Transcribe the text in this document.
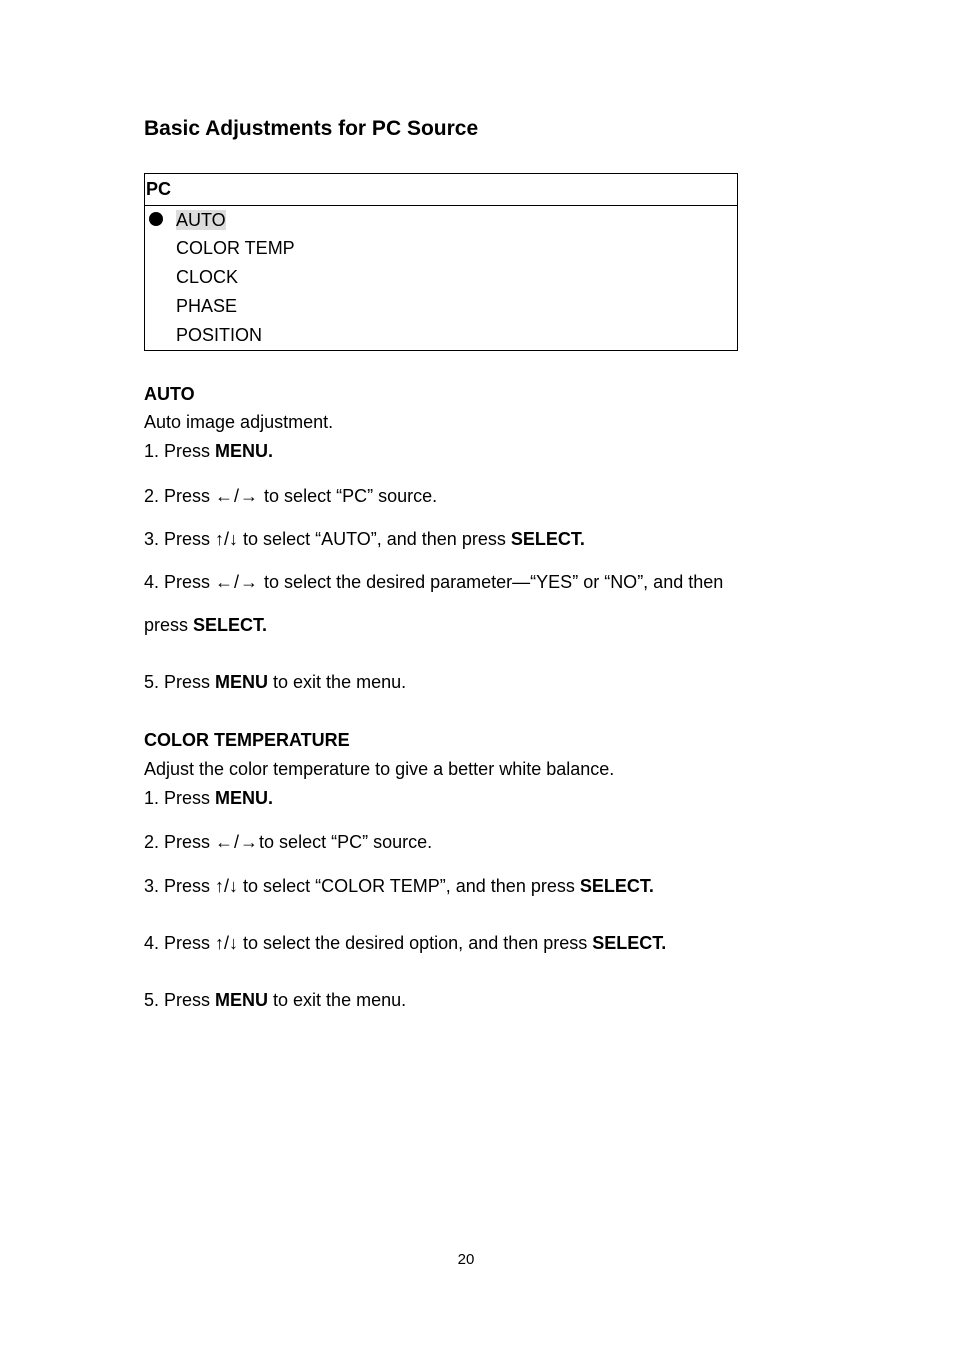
Basic Adjustments for PC Source
PC
AUTO
COLOR TEMP
CLOCK
PHASE
POSITION
AUTO
Auto image adjustment.
1. Press MENU.
2. Press ←/→ to select “PC” source.
3. Press ↑/↓ to select “AUTO”, and then press SELECT.
4. Press ←/→ to select the desired parameter—“YES” or “NO”, and then
press SELECT.
5. Press MENU to exit the menu.
COLOR TEMPERATURE
Adjust the color temperature to give a better white balance.
1. Press MENU.
2. Press ←/→to select “PC” source.
3. Press ↑/↓ to select “COLOR TEMP”, and then press SELECT.
4. Press ↑/↓ to select the desired option, and then press SELECT.
5. Press MENU to exit the menu.
20
